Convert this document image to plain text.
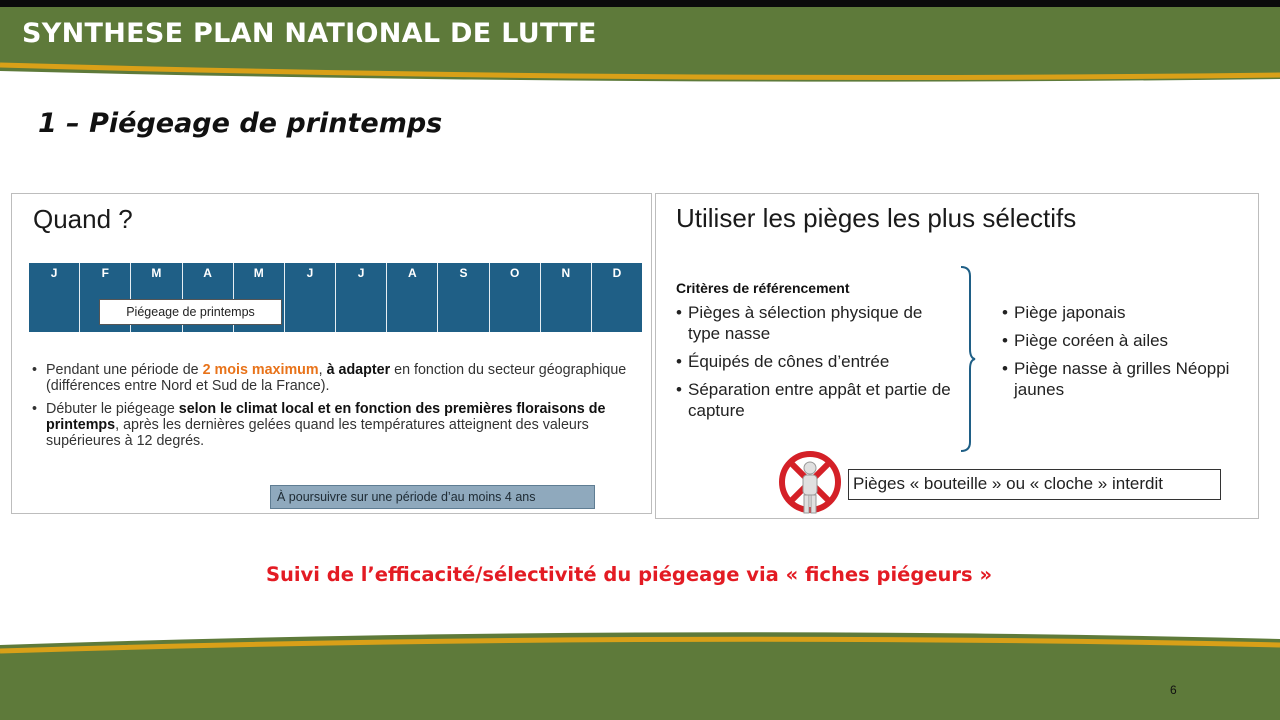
SYNTHESE PLAN NATIONAL DE LUTTE
1 – Piégeage de printemps
Quand ?
J	F	M	A	M	J	J	A	S	O	N	D
Piégeage de printemps
• Pendant une période de 2 mois maximum, à adapter en fonction du secteur géographique (différences entre Nord et Sud de la France).
• Débuter le piégeage selon le climat local et en fonction des premières floraisons de printemps, après les dernières gelées quand les températures atteignent des valeurs supérieures à 12 degrés.
À poursuivre sur une période d’au moins 4 ans
Utiliser les pièges les plus sélectifs
Critères de référencement
• Pièges à sélection physique de type nasse
• Équipés de cônes d’entrée
• Séparation entre appât et partie de capture
• Piège japonais
• Piège coréen à ailes
• Piège nasse à grilles Néoppi jaunes
Pièges « bouteille » ou « cloche » interdit
Suivi de l’efficacité/sélectivité du piégeage via « fiches piégeurs »
6
